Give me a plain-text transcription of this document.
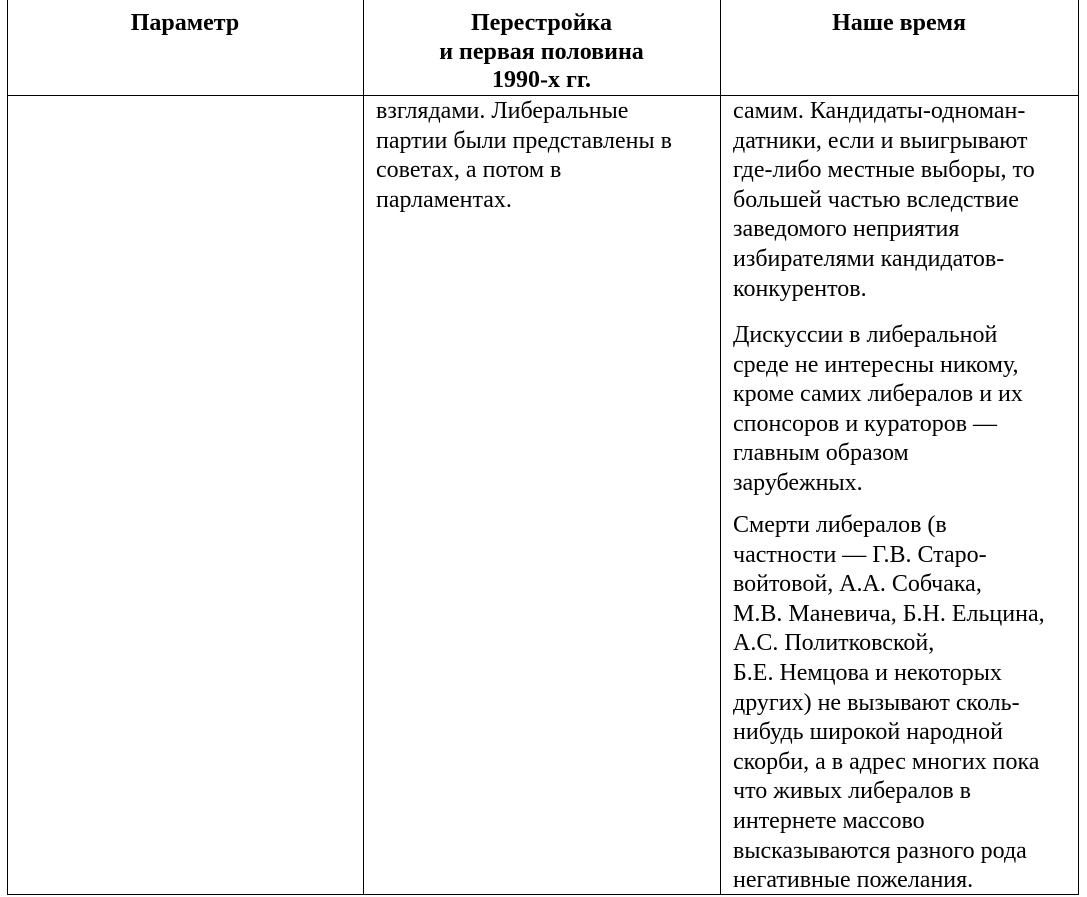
Параметр	Перестройка
и первая половина
1990-х гг.
Наше время
взглядами. Либеральные
партии были представлены в
советах, а потом в
парламентах.
самим. Кандидаты-одноман-
датники, если и выигрывают
где-либо местные выборы, то
большей частью вследствие
заведомого неприятия
избирателями кандидатов-
конкурентов.
Дискуссии в либеральной
среде не интересны никому,
кроме самих либералов и их
спонсоров и кураторов —
главным образом
зарубежных.
Смерти либералов (в
частности — Г.В. Старо-
войтовой, А.А. Собчака,
М.В. Маневича, Б.Н. Ельцина,
А.С. Политковской,
Б.Е. Немцова и некоторых
других) не вызывают сколь-
нибудь широкой народной
скорби, а в адрес многих пока
что живых либералов в
интернете массово
высказываются разного рода
негативные пожелания.
